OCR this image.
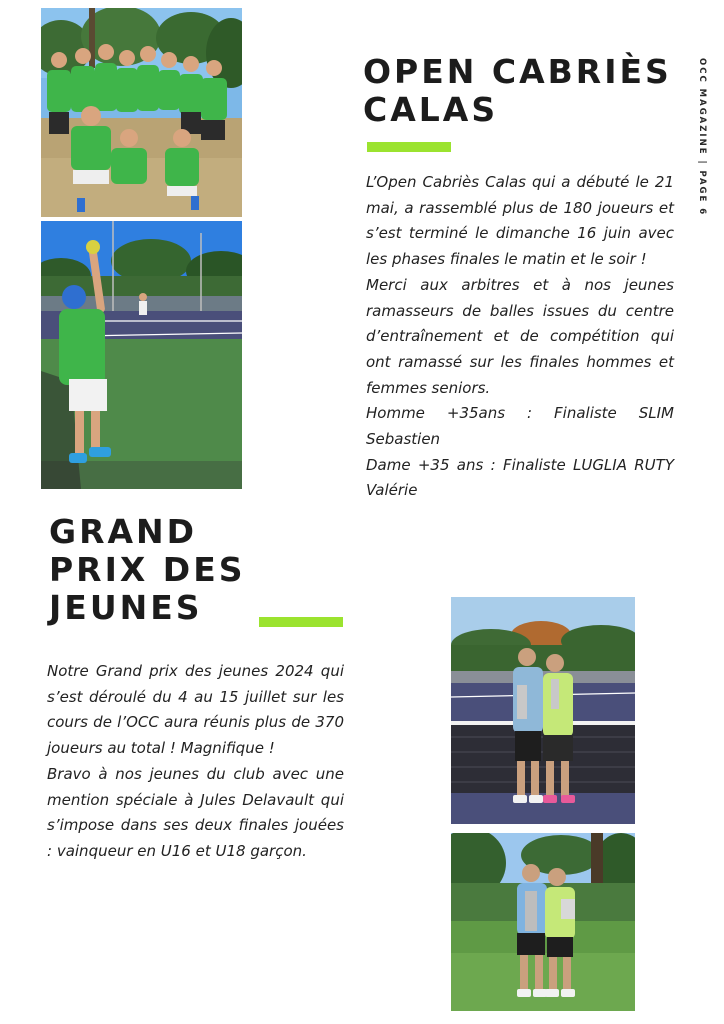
OCC MAGAZINE | PAGE 6
OPEN CABRIÈS
CALAS

L’Open Cabriès Calas qui a débuté le 21 mai, a rassemblé plus de 180 joueurs et s’est terminé le dimanche 16 juin avec les phases finales le matin et le soir !

Merci aux arbitres et à nos jeunes ramasseurs de balles issues du centre d’entraînement et de compétition qui ont ramassé sur les finales hommes et femmes seniors.

Homme +35ans : Finaliste SLIM Sebastien

Dame +35 ans : Finaliste LUGLIA RUTY Valérie

GRAND
PRIX DES
JEUNES

Notre Grand prix des jeunes 2024 qui s’est déroulé du 4 au 15 juillet sur les cours de l’OCC aura réunis plus de 370 joueurs au total ! Magnifique !

Bravo à nos jeunes du club avec une mention spéciale à Jules Delavault qui s’impose dans ses deux finales jouées : vainqueur en U16 et U18 garçon.
